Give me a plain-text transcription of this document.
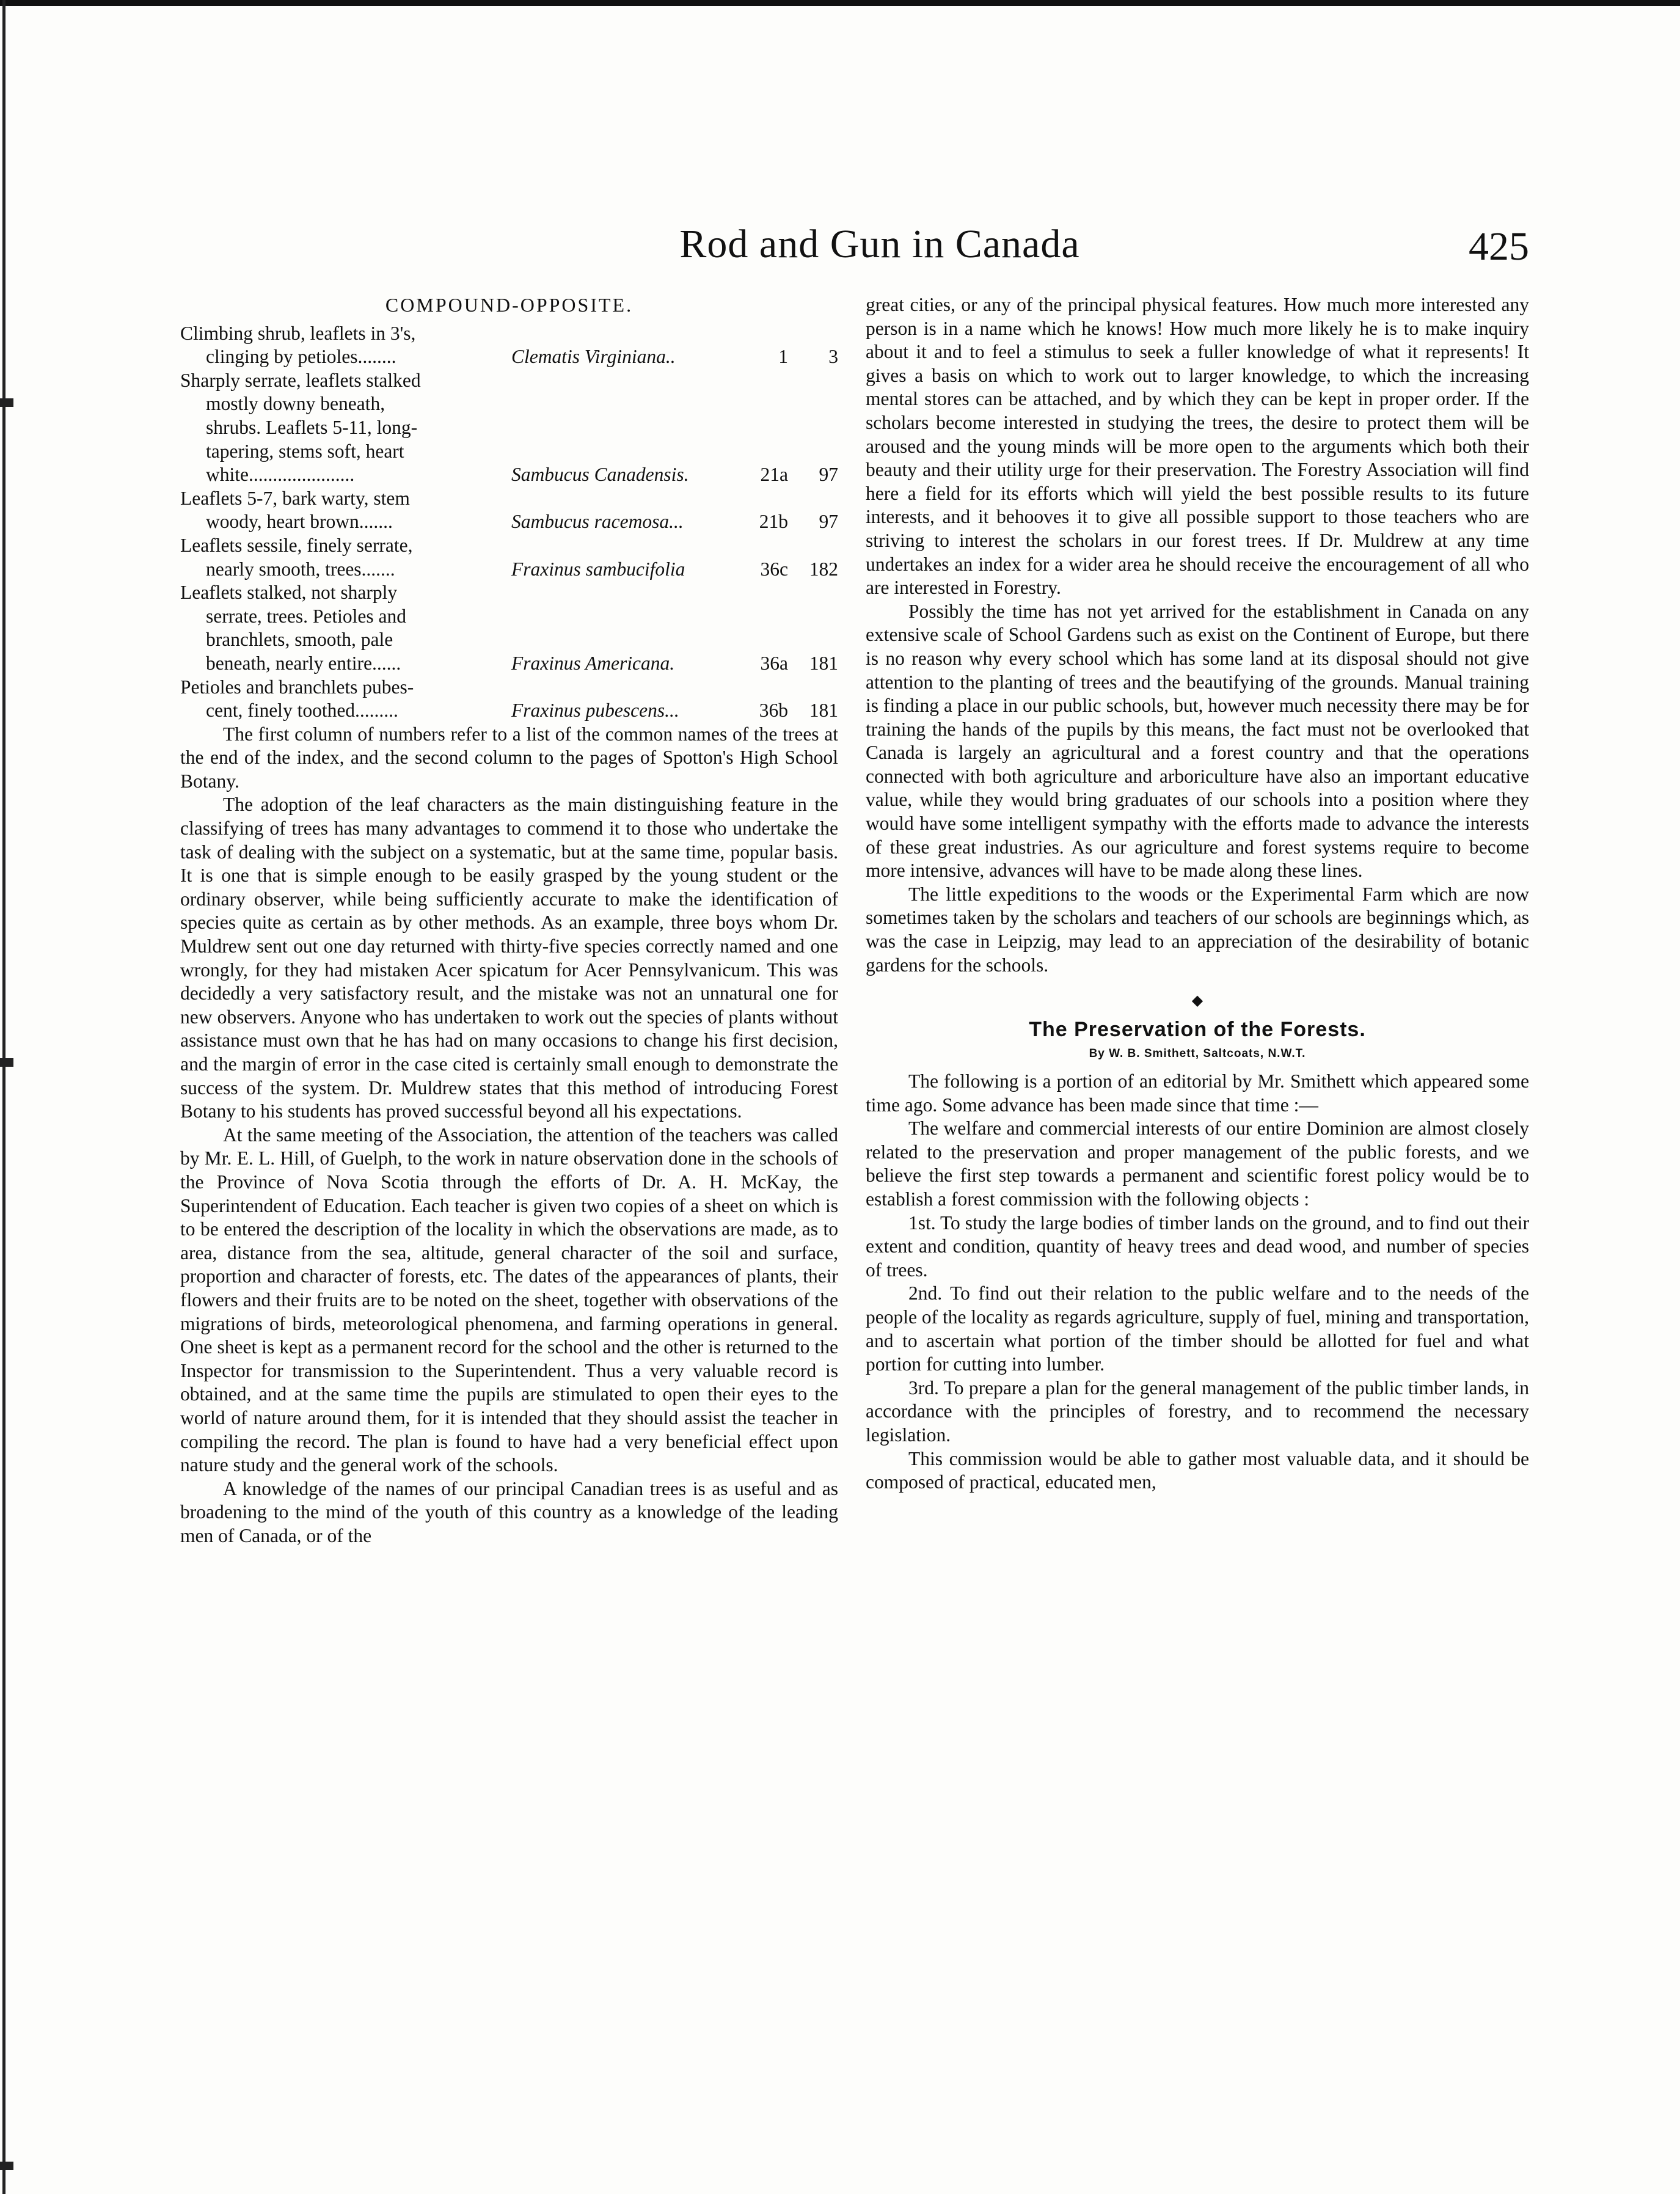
Rod and Gun in Canada	425
COMPOUND-OPPOSITE.
Climbing shrub, leaflets in 3's,
clinging by petioles........	Clematis Virginiana..	1	3
Sharply serrate, leaflets stalked
mostly downy beneath,
shrubs. Leaflets 5-11, long-
tapering, stems soft, heart
white......................	Sambucus Canadensis.	21a	97
Leaflets 5-7, bark warty, stem
woody, heart brown.......	Sambucus racemosa...	21b	97
Leaflets sessile, finely serrate,
nearly smooth, trees.......	Fraxinus sambucifolia	36c	182
Leaflets stalked, not sharply
serrate, trees. Petioles and
branchlets, smooth, pale
beneath, nearly entire......	Fraxinus Americana.	36a	181
Petioles and branchlets pubes-
cent, finely toothed.........	Fraxinus pubescens...	36b	181

The first column of numbers refer to a list of the common names of the trees at the end of the index, and the second column to the pages of Spotton's High School Botany.

The adoption of the leaf characters as the main distinguishing feature in the classifying of trees has many advantages to commend it to those who undertake the task of dealing with the subject on a systematic, but at the same time, popular basis. It is one that is simple enough to be easily grasped by the young student or the ordinary observer, while being sufficiently accurate to make the identification of species quite as certain as by other methods. As an example, three boys whom Dr. Muldrew sent out one day returned with thirty-five species correctly named and one wrongly, for they had mistaken Acer spicatum for Acer Pennsylvanicum. This was decidedly a very satisfactory result, and the mistake was not an unnatural one for new observers. Anyone who has undertaken to work out the species of plants without assistance must own that he has had on many occasions to change his first decision, and the margin of error in the case cited is certainly small enough to demonstrate the success of the system. Dr. Muldrew states that this method of introducing Forest Botany to his students has proved successful beyond all his expectations.

At the same meeting of the Association, the attention of the teachers was called by Mr. E. L. Hill, of Guelph, to the work in nature observation done in the schools of the Province of Nova Scotia through the efforts of Dr. A. H. McKay, the Superintendent of Education. Each teacher is given two copies of a sheet on which is to be entered the description of the locality in which the observations are made, as to area, distance from the sea, altitude, general character of the soil and surface, proportion and character of forests, etc. The dates of the appearances of plants, their flowers and their fruits are to be noted on the sheet, together with observations of the migrations of birds, meteorological phenomena, and farming operations in general. One sheet is kept as a permanent record for the school and the other is returned to the Inspector for transmission to the Superintendent. Thus a very valuable record is obtained, and at the same time the pupils are stimulated to open their eyes to the world of nature around them, for it is intended that they should assist the teacher in compiling the record. The plan is found to have had a very beneficial effect upon nature study and the general work of the schools.

A knowledge of the names of our principal Canadian trees is as useful and as broadening to the mind of the youth of this country as a knowledge of the leading men of Canada, or of the

great cities, or any of the principal physical features. How much more interested any person is in a name which he knows! How much more likely he is to make inquiry about it and to feel a stimulus to seek a fuller knowledge of what it represents! It gives a basis on which to work out to larger knowledge, to which the increasing mental stores can be attached, and by which they can be kept in proper order. If the scholars become interested in studying the trees, the desire to protect them will be aroused and the young minds will be more open to the arguments which both their beauty and their utility urge for their preservation. The Forestry Association will find here a field for its efforts which will yield the best possible results to its future interests, and it behooves it to give all possible support to those teachers who are striving to interest the scholars in our forest trees. If Dr. Muldrew at any time undertakes an index for a wider area he should receive the encouragement of all who are interested in Forestry.

Possibly the time has not yet arrived for the establishment in Canada on any extensive scale of School Gardens such as exist on the Continent of Europe, but there is no reason why every school which has some land at its disposal should not give attention to the planting of trees and the beautifying of the grounds. Manual training is finding a place in our public schools, but, however much necessity there may be for training the hands of the pupils by this means, the fact must not be overlooked that Canada is largely an agricultural and a forest country and that the operations connected with both agriculture and arboriculture have also an important educative value, while they would bring graduates of our schools into a position where they would have some intelligent sympathy with the efforts made to advance the interests of these great industries. As our agriculture and forest systems require to become more intensive, advances will have to be made along these lines.

The little expeditions to the woods or the Experimental Farm which are now sometimes taken by the scholars and teachers of our schools are beginnings which, as was the case in Leipzig, may lead to an appreciation of the desirability of botanic gardens for the schools.

◆
The Preservation of the Forests.
By W. B. Smithett, Saltcoats, N.W.T.

The following is a portion of an editorial by Mr. Smithett which appeared some time ago. Some advance has been made since that time :—

The welfare and commercial interests of our entire Dominion are almost closely related to the preservation and proper management of the public forests, and we believe the first step towards a permanent and scientific forest policy would be to establish a forest commission with the following objects :

1st. To study the large bodies of timber lands on the ground, and to find out their extent and condition, quantity of heavy trees and dead wood, and number of species of trees.

2nd. To find out their relation to the public welfare and to the needs of the people of the locality as regards agriculture, supply of fuel, mining and transportation, and to ascertain what portion of the timber should be allotted for fuel and what portion for cutting into lumber.

3rd. To prepare a plan for the general management of the public timber lands, in accordance with the principles of forestry, and to recommend the necessary legislation.

This commission would be able to gather most valuable data, and it should be composed of practical, educated men,
